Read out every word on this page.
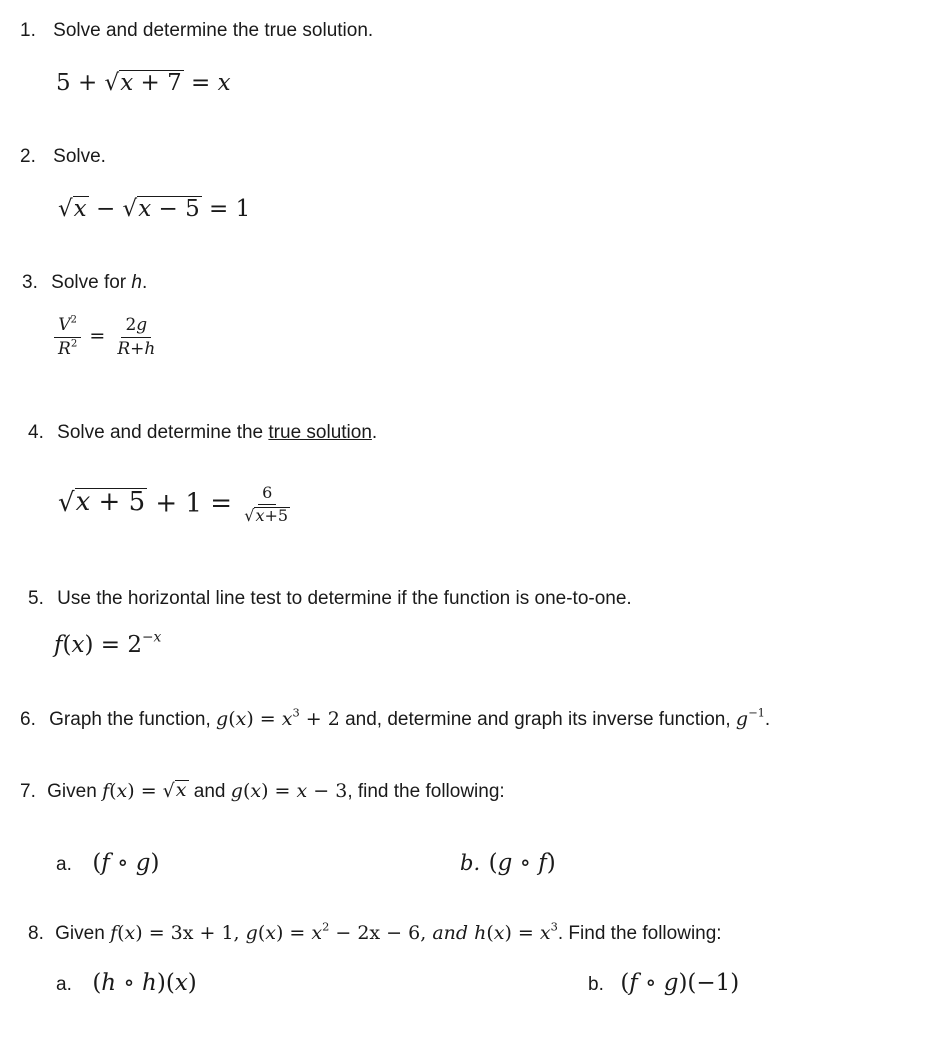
1. Solve and determine the true solution.
5 + √ x + 7 = x
2. Solve.
√ x − √ x − 5 = 1
3. Solve for h.
$\frac{V^2}{R^2} = \frac{2g}{R+h}$
4. Solve and determine the true solution.
√ $x + 5 + 1 = \frac{6}{√ x+5}$
5. Use the horizontal line test to determine if the function is one-to-one.
$f(x) = 2^{-x}$
6. Graph the function, $g(x) = x^3 + 2$ and, determine and graph its inverse function, $g^{-1}$.
7. Given f(x) = √ x and g(x) = x − 3, find the following:
a. (f ∘ g)	b. (g ∘ f)
8. Given f(x) = 3x + 1, $g(x) = x^2 - 2x - 6$, and $h(x) = x^3$. Find the following:
a. (h ∘ h)(x)	b. (f ∘ g)(−1)
